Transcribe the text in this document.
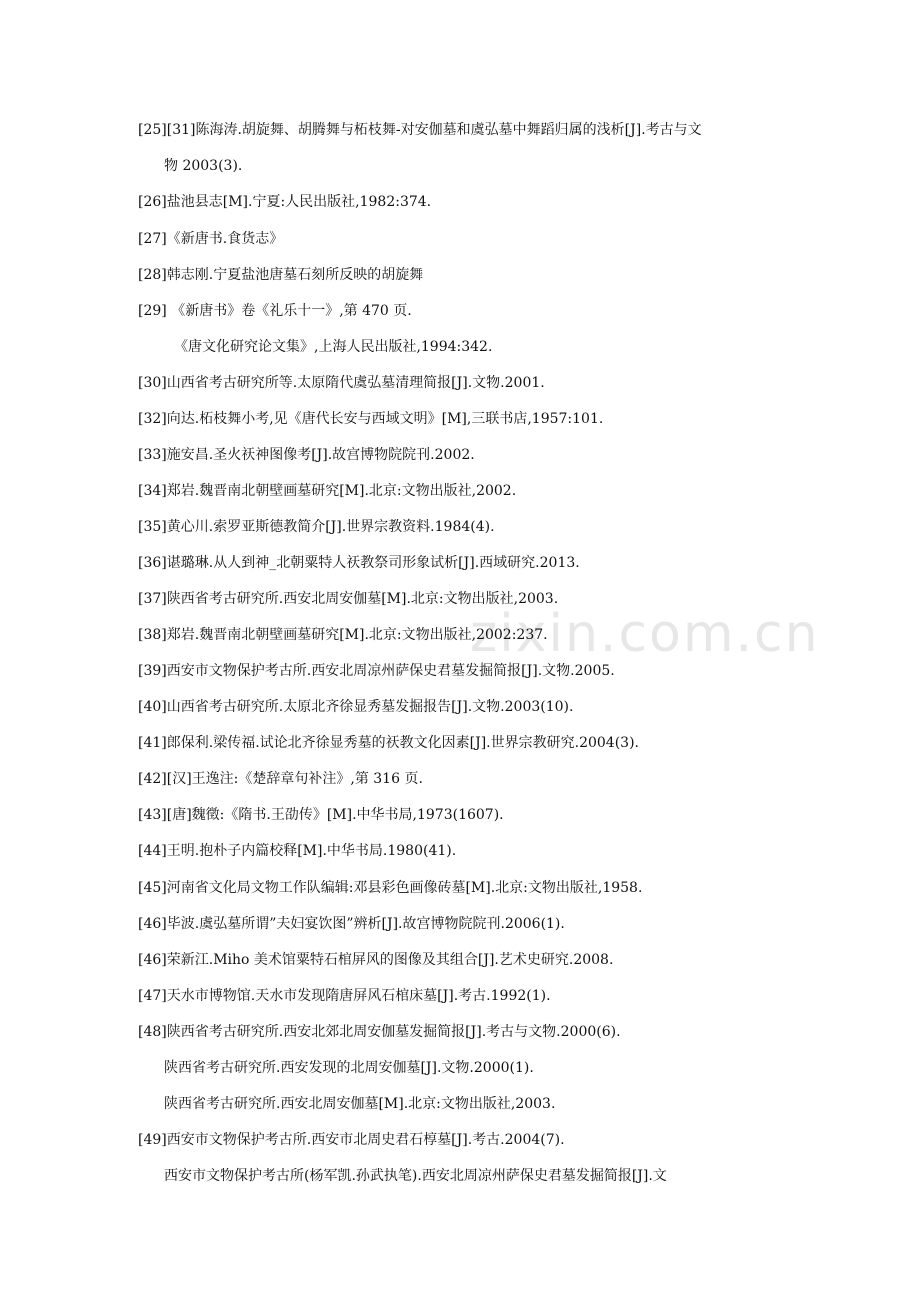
zixin.com.cn
[25][31]陈海涛.胡旋舞、胡腾舞与柘枝舞-对安伽墓和虞弘墓中舞蹈归属的浅析[J].考古与文
物 2003(3).
[26]盐池县志[M].宁夏:人民出版社,1982:374.
[27]《新唐书.食货志》
[28]韩志刚.宁夏盐池唐墓石刻所反映的胡旋舞
[29] 《新唐书》卷《礼乐十一》,第 470 页.
《唐文化研究论文集》,上海人民出版社,1994:342.
[30]山西省考古研究所等.太原隋代虞弘墓清理简报[J].文物.2001.
[32]向达.柘枝舞小考,见《唐代长安与西域文明》[M],三联书店,1957:101.
[33]施安昌.圣火祆神图像考[J].故宫博物院院刊.2002.
[34]郑岩.魏晋南北朝壁画墓研究[M].北京:文物出版社,2002.
[35]黄心川.索罗亚斯德教简介[J].世界宗教资料.1984(4).
[36]谌璐琳.从人到神_北朝粟特人祆教祭司形象试析[J].西域研究.2013.
[37]陕西省考古研究所.西安北周安伽墓[M].北京:文物出版社,2003.
[38]郑岩.魏晋南北朝壁画墓研究[M].北京:文物出版社,2002:237.
[39]西安市文物保护考古所.西安北周凉州萨保史君墓发掘简报[J].文物.2005.
[40]山西省考古研究所.太原北齐徐显秀墓发掘报告[J].文物.2003(10).
[41]郎保利.梁传福.试论北齐徐显秀墓的祆教文化因素[J].世界宗教研究.2004(3).
[42][汉]王逸注:《楚辞章句补注》,第 316 页.
[43][唐]魏徵:《隋书.王劭传》[M].中华书局,1973(1607).
[44]王明.抱朴子内篇校释[M].中华书局.1980(41).
[45]河南省文化局文物工作队编辑:邓县彩色画像砖墓[M].北京:文物出版社,1958.
[46]毕波.虞弘墓所谓”夫妇宴饮图”辨析[J].故宫博物院院刊.2006(1).
[46]荣新江.Miho 美术馆粟特石棺屏风的图像及其组合[J].艺术史研究.2008.
[47]天水市博物馆.天水市发现隋唐屏风石棺床墓[J].考古.1992(1).
[48]陕西省考古研究所.西安北郊北周安伽墓发掘简报[J].考古与文物.2000(6).
陕西省考古研究所.西安发现的北周安伽墓[J].文物.2000(1).
陕西省考古研究所.西安北周安伽墓[M].北京:文物出版社,2003.
[49]西安市文物保护考古所.西安市北周史君石椁墓[J].考古.2004(7).
西安市文物保护考古所(杨军凯.孙武执笔).西安北周凉州萨保史君墓发掘简报[J].文
